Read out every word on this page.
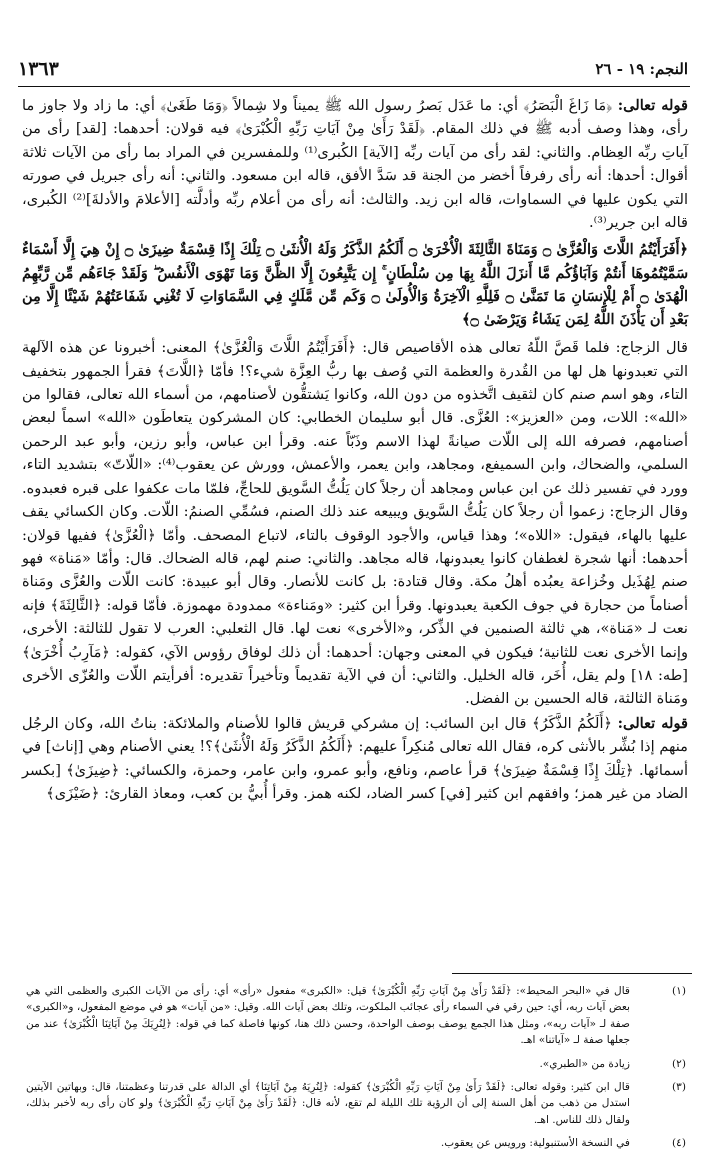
١٣٦٣	النجم: ١٩ - ٢٦

قوله تعالى: ﴿مَا زَاغَ الْبَصَرُ﴾ أي: ما عَدَل بَصرُ رسول الله ﷺ يميناً ولا شِمالاً ﴿وَمَا طَغَىٰ﴾ أي: ما زاد ولا جاوز ما رأى، وهذا وصف أدبه ﷺ في ذلك المقام. ﴿لَقَدْ رَأَىٰ مِنْ آيَاتِ رَبِّهِ الْكُبْرَىٰ﴾ فيه قولان: أحدهما: [لقد] رأى من آياتِ ربِّه العِظام. والثاني: لقد رأى من آيات ربِّه [الآية] الكُبرى⁽¹⁾ وللمفسرين في المراد بما رأى من الآيات ثلاثة أقوال: أحدها: أنه رأى رفرفاً أخضر من الجنة قد سَدَّ الأفق، قاله ابن مسعود. والثاني: أنه رأى جبريل في صورته التي يكون عليها في السماوات، قاله ابن زيد. والثالث: أنه رأى من أعلام ربِّه وأدلَّته [الأعلامَ والأدلةَ]⁽²⁾ الكُبرى، قاله ابن جرير⁽³⁾.

﴿أَفَرَأَيْتُمُ اللَّاتَ وَالْعُزَّىٰ ۝ وَمَنَاةَ الثَّالِثَةَ الْأُخْرَىٰ ۝ أَلَكُمُ الذَّكَرُ وَلَهُ الْأُنثَىٰ ۝ تِلْكَ إِذًا قِسْمَةٌ ضِيزَىٰ ۝ إِنْ هِيَ إِلَّا أَسْمَاءٌ سَمَّيْتُمُوهَا أَنتُمْ وَآبَاؤُكُم مَّا أَنزَلَ اللَّهُ بِهَا مِن سُلْطَانٍ ۚ إِن يَتَّبِعُونَ إِلَّا الظَّنَّ وَمَا تَهْوَى الْأَنفُسُ ۖ وَلَقَدْ جَاءَهُم مِّن رَّبِّهِمُ الْهُدَىٰ ۝ أَمْ لِلْإِنسَانِ مَا تَمَنَّىٰ ۝ فَلِلَّهِ الْآخِرَةُ وَالْأُولَىٰ ۝ وَكَم مِّن مَّلَكٍ فِي السَّمَاوَاتِ لَا تُغْنِي شَفَاعَتُهُمْ شَيْئًا إِلَّا مِن بَعْدِ أَن يَأْذَنَ اللَّهُ لِمَن يَشَاءُ وَيَرْضَىٰ ۝﴾

قال الزجاج: فلما قَصَّ اللّهُ تعالى هذه الأقاصيص قال: ﴿أَفَرَأَيْتُمُ اللَّاتَ وَالْعُزَّىٰ﴾ المعنى: أخبرونا عن هذه الآلهة التي تعبدونها هل لها من القُدرة والعظمة التي وُصف بها ربُّ العِزَّة شيء؟! فأمّا ﴿اللَّاتَ﴾ فقرأ الجمهور بتخفيف التاء، وهو اسم صنم كان لثقيف اتَّخذوه من دون الله، وكانوا يَشتقُّون لأصنامهم، من أسماء الله تعالى، فقالوا من «الله»: اللات، ومن «العزيز»: العُزَّى. قال أبو سليمان الخطابي: كان المشركون يتعاطَون «الله» اسماً لبعض أصنامهم، فصرفه الله إلى اللّات صيانةً لهذا الاسم وذَبّاً عنه. وقرأ ابن عباس، وأبو رزين، وأبو عبد الرحمن السلمي، والضحاك، وابن السميفع، ومجاهد، وابن يعمر، والأعمش، وورش عن يعقوب⁽⁴⁾: «اللّاتّ» بتشديد التاء، وورد في تفسير ذلك عن ابن عباس ومجاهد أن رجلاً كان يَلُتُّ السَّويق للحاجِّ، فلمّا مات عكفوا على قبره فعبدوه. وقال الزجاج: زعموا أن رجلاً كان يَلُتُّ السَّويق ويبيعه عند ذلك الصنم، فسُمِّي الصنمُ: اللّات. وكان الكسائي يقف عليها بالهاء، فيقول: «اللاه»؛ وهذا قياس، والأجود الوقوف بالتاء، لاتباع المصحف. وأمّا ﴿الْعُزَّىٰ﴾ ففيها قولان: أحدهما: أنها شجرة لغطفان كانوا يعبدونها، قاله مجاهد. والثاني: صنم لهم، قاله الضحاك. قال: وأمّا «مَناة» فهو صنم لِهُذَيل وخُزاعة يعبُده أهلُ مكة. وقال قتادة: بل كانت للأنصار. وقال أبو عبيدة: كانت اللّات والعُزَّى ومَناة أصناماً من حجارة في جوف الكعبة يعبدونها. وقرأ ابن كثير: «ومَناءة» ممدودة مهموزة. فأمّا قوله: ﴿الثَّالِثَةَ﴾ فإنه نعت لـ «مَناة»، هي ثالثة الصنمين في الذِّكر، و«الأخرى» نعت لها. قال الثعلبي: العرب لا تقول للثالثة: الأخرى، وإنما الأخرى نعت للثانية؛ فيكون في المعنى وجهان: أحدهما: أن ذلك لوفاق رؤوس الآي، كقوله: ﴿مَآرِبُ أُخْرَىٰ﴾ [طه: ١٨] ولم يقل، أُخَر، قاله الخليل. والثاني: أن في الآية تقديماً وتأخيراً تقديره: أفرأيتم اللّات والعُزّى الأخرى ومَناة الثالثة، قاله الحسين بن الفضل.

قوله تعالى: ﴿أَلَكُمُ الذَّكَرُ﴾ قال ابن السائب: إن مشركي قريش قالوا للأصنام والملائكة: بناتُ الله، وكان الرجُل منهم إذا بُشِّر بالأنثى كره، فقال الله تعالى مُنكِراً عليهم: ﴿أَلَكُمُ الذَّكَرُ وَلَهُ الْأُنثَىٰ﴾؟! يعني الأصنام وهي [إناث] في أسمائها. ﴿تِلْكَ إِذًا قِسْمَةٌ ضِيزَىٰ﴾ قرأ عاصم، ونافع، وأبو عمرو، وابن عامر، وحمزة، والكسائي: ﴿ضِيزَىٰ﴾ [بكسر الضاد من غير همز؛ وافقهم ابن كثير [في] كسر الضاد، لكنه همز. وقرأ أُبيُّ بن كعب، ومعاذ القارئ: ﴿ضَيْزَى﴾

(١)
قال في «البحر المحيط»: ﴿لَقَدْ رَأَىٰ مِنْ آيَاتِ رَبِّهِ الْكُبْرَىٰ﴾ قيل: «الكبرى» مفعول «رأى» أي: رأى من الآيات الكبرى والعظمى التي هي بعض آيات ربه، أي: حين رقي في السماء رأى عجائب الملكوت، وتلك بعض آيات الله. وقيل: «من آيات» هو في موضع المفعول، و«الكبرى» صفة لـ «آيات ربه»، ومثل هذا الجمع يوصف بوصف الواحدة، وحسن ذلك هنا، كونها فاصلة كما في قوله: ﴿لِنُرِيَكَ مِنْ آيَاتِنَا الْكُبْرَىٰ﴾ عند من جعلها صفة لـ «آياتنا» اهـ.
(٢)
زيادة من «الطبري».
(٣)
قال ابن كثير: وقوله تعالى: ﴿لَقَدْ رَأَىٰ مِنْ آيَاتِ رَبِّهِ الْكُبْرَىٰ﴾ كقوله: ﴿لِنُرِيَهُ مِنْ آيَاتِنَا﴾ أي الدالة على قدرتنا وعظمتنا، قال: وبهاتين الآيتين استدل من ذهب من أهل السنة إلى أن الرؤية تلك الليلة لم تقع، لأنه قال: ﴿لَقَدْ رَأَىٰ مِنْ آيَاتِ رَبِّهِ الْكُبْرَىٰ﴾ ولو كان رأى ربه لأخبر بذلك، ولقال ذلك للناس. اهـ.
(٤)
في النسخة الأستنبولية: ورويس عن يعقوب.
